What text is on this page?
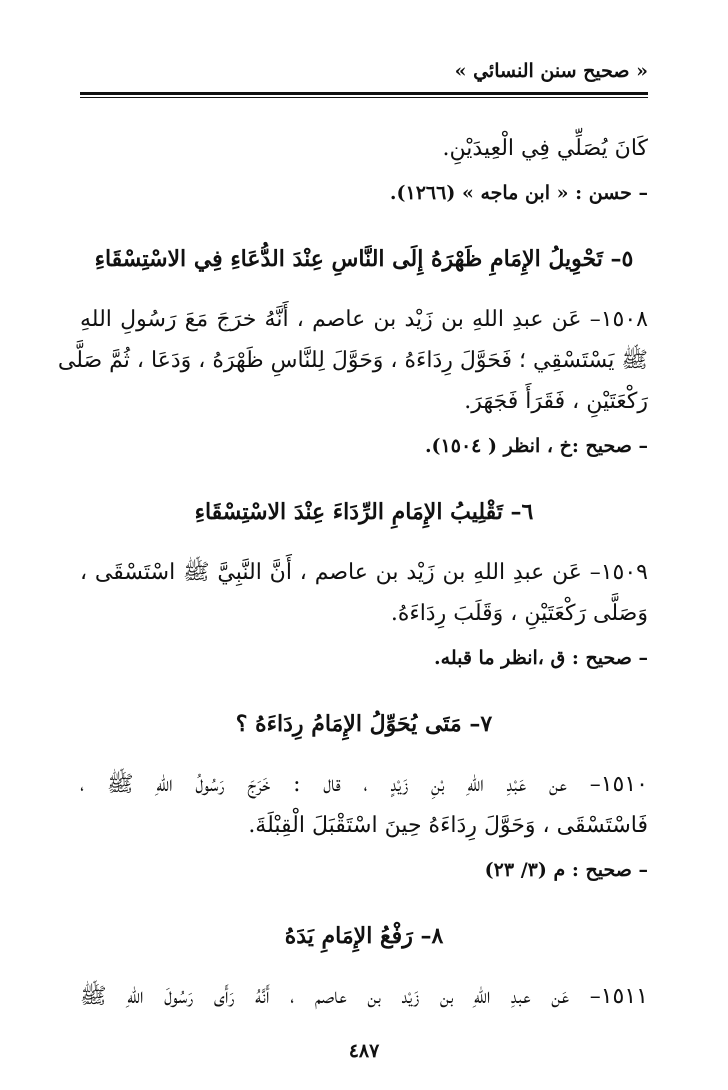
« صحيح سنن النسائي »
كَانَ يُصَلِّي فِي الْعِيدَيْنِ.
– حسن : « ابن ماجه » (١٢٦٦).
٥– تَحْوِيلُ الإِمَامِ ظَهْرَهُ إِلَى النَّاسِ عِنْدَ الدُّعَاءِ فِي الاسْتِسْقَاءِ
١٥٠٨– عَن عبدِ اللهِ بن زَيْد بن عاصم ، أَنَّهُ خرَجَ مَعَ رَسُولِ اللهِ
ﷺ يَسْتَسْقِي ؛ فَحَوَّلَ رِدَاءَهُ ، وَحَوَّلَ لِلنَّاسِ ظَهْرَهُ ، وَدَعَا ، ثُمَّ صَلَّى
رَكْعَتَيْنِ ، فَقَرَأَ فَجَهَرَ.
– صحيح :خ ، انظر ( ١٥٠٤).
٦– تَقْلِيبُ الإِمَامِ الرِّدَاءَ عِنْدَ الاسْتِسْقَاءِ
١٥٠٩– عَن عبدِ اللهِ بن زَيْد بن عاصم ، أَنَّ النَّبِيَّ ﷺ اسْتَسْقَى ،
وَصَلَّى رَكْعَتَيْنِ ، وَقَلَبَ رِدَاءَهُ.
– صحيح : ق ،انظر ما قبله.
٧– مَتَى يُحَوِّلُ الإِمَامُ رِدَاءَهُ ؟
١٥١٠– عن عَبْدِ اللهِ بْنِ زَيْدٍ ، قال : خَرَجَ رَسُولُ اللهِ ﷺ ،
فَاسْتَسْقَى ، وَحَوَّلَ رِدَاءَهُ حِينَ اسْتَقْبَلَ الْقِبْلَةَ.
– صحيح : م (٣/ ٢٣)
٨– رَفْعُ الإِمَامِ يَدَهُ
١٥١١– عَن عبدِ اللهِ بن زَيْد بن عاصم ، أَنَّهُ رَأَى رَسُولَ اللهِ ﷺ
٤٨٧
